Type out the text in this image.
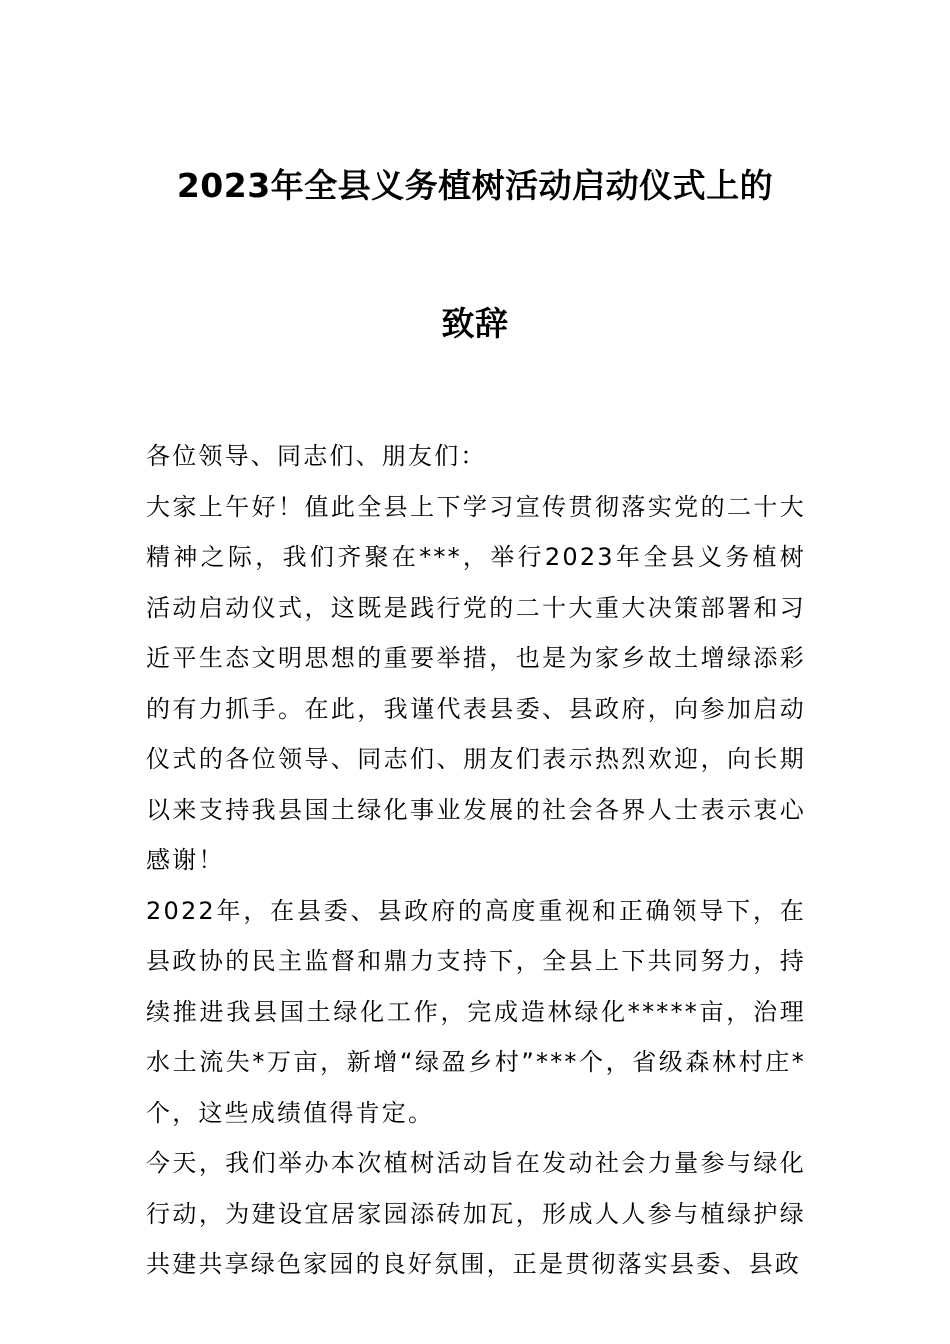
2023年全县义务植树活动启动仪式上的
致辞

各位领导、同志们、朋友们：

大家上午好！值此全县上下学习宣传贯彻落实党的二十大精神之际，我们齐聚在***，举行2023年全县义务植树活动启动仪式，这既是践行党的二十大重大决策部署和习近平生态文明思想的重要举措，也是为家乡故土增绿添彩的有力抓手。在此，我谨代表县委、县政府，向参加启动仪式的各位领导、同志们、朋友们表示热烈欢迎，向长期以来支持我县国土绿化事业发展的社会各界人士表示衷心感谢！

2022年，在县委、县政府的高度重视和正确领导下，在县政协的民主监督和鼎力支持下，全县上下共同努力，持续推进我县国土绿化工作，完成造林绿化*****亩，治理水土流失*万亩，新增“绿盈乡村”***个，省级森林村庄*个，这些成绩值得肯定。

今天，我们举办本次植树活动旨在发动社会力量参与绿化行动，为建设宜居家园添砖加瓦，形成人人参与植绿护绿共建共享绿色家园的良好氛围，正是贯彻落实县委、县政
